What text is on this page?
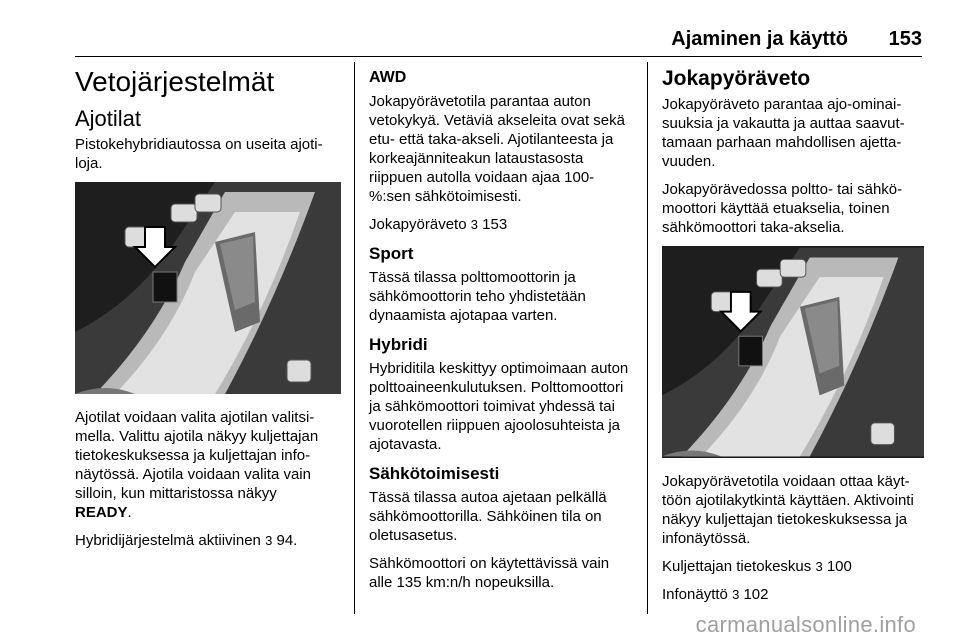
Ajaminen ja käyttö 153
Vetojärjestelmät
Ajotilat

Pistokehybridiautossa on useita ajotiloja.

Ajotilat voidaan valita ajotilan valitsimella. Valittu ajotila näkyy kuljettajan tietokeskuksessa ja kuljettajan infonäytössä. Ajotila voidaan valita vain silloin, kun mittaristossa näkyy
READY.

Hybridijärjestelmä aktiivinen 3 94.

AWD

Jokapyörävetotila parantaa auton vetokykyä. Vetäviä akseleita ovat sekä etu- että taka-akseli. Ajotilanteesta ja korkeajänniteakun lataustasosta riippuen autolla voidaan ajaa 100-%:sen sähkötoimisesti.

Jokapyöräveto 3 153

Sport

Tässä tilassa polttomoottorin ja sähkömoottorin teho yhdistetään dynaamista ajotapaa varten.

Hybridi

Hybriditila keskittyy optimoimaan auton polttoaineenkulutuksen. Polttomoottori ja sähkömoottori toimivat yhdessä tai vuorotellen riippuen ajoolosuhteista ja ajotavasta.

Sähkötoimisesti

Tässä tilassa autoa ajetaan pelkällä sähkömoottorilla. Sähköinen tila on oletusasetus.

Sähkömoottori on käytettävissä vain alle 135 km:n/h nopeuksilla.

Jokapyöräveto

Jokapyöräveto parantaa ajo-ominaisuuksia ja vakautta ja auttaa saavuttamaan parhaan mahdollisen ajettavuuden.

Jokapyörävedossa poltto- tai sähkömoottori käyttää etuakselia, toinen sähkömoottori taka-akselia.

Jokapyörävetotila voidaan ottaa käyttöön ajotilakytkintä käyttäen. Aktivointi näkyy kuljettajan tietokeskuksessa ja infonäytössä.

Kuljettajan tietokeskus 3 100

Infonäyttö 3 102

carmanualsonline.info
